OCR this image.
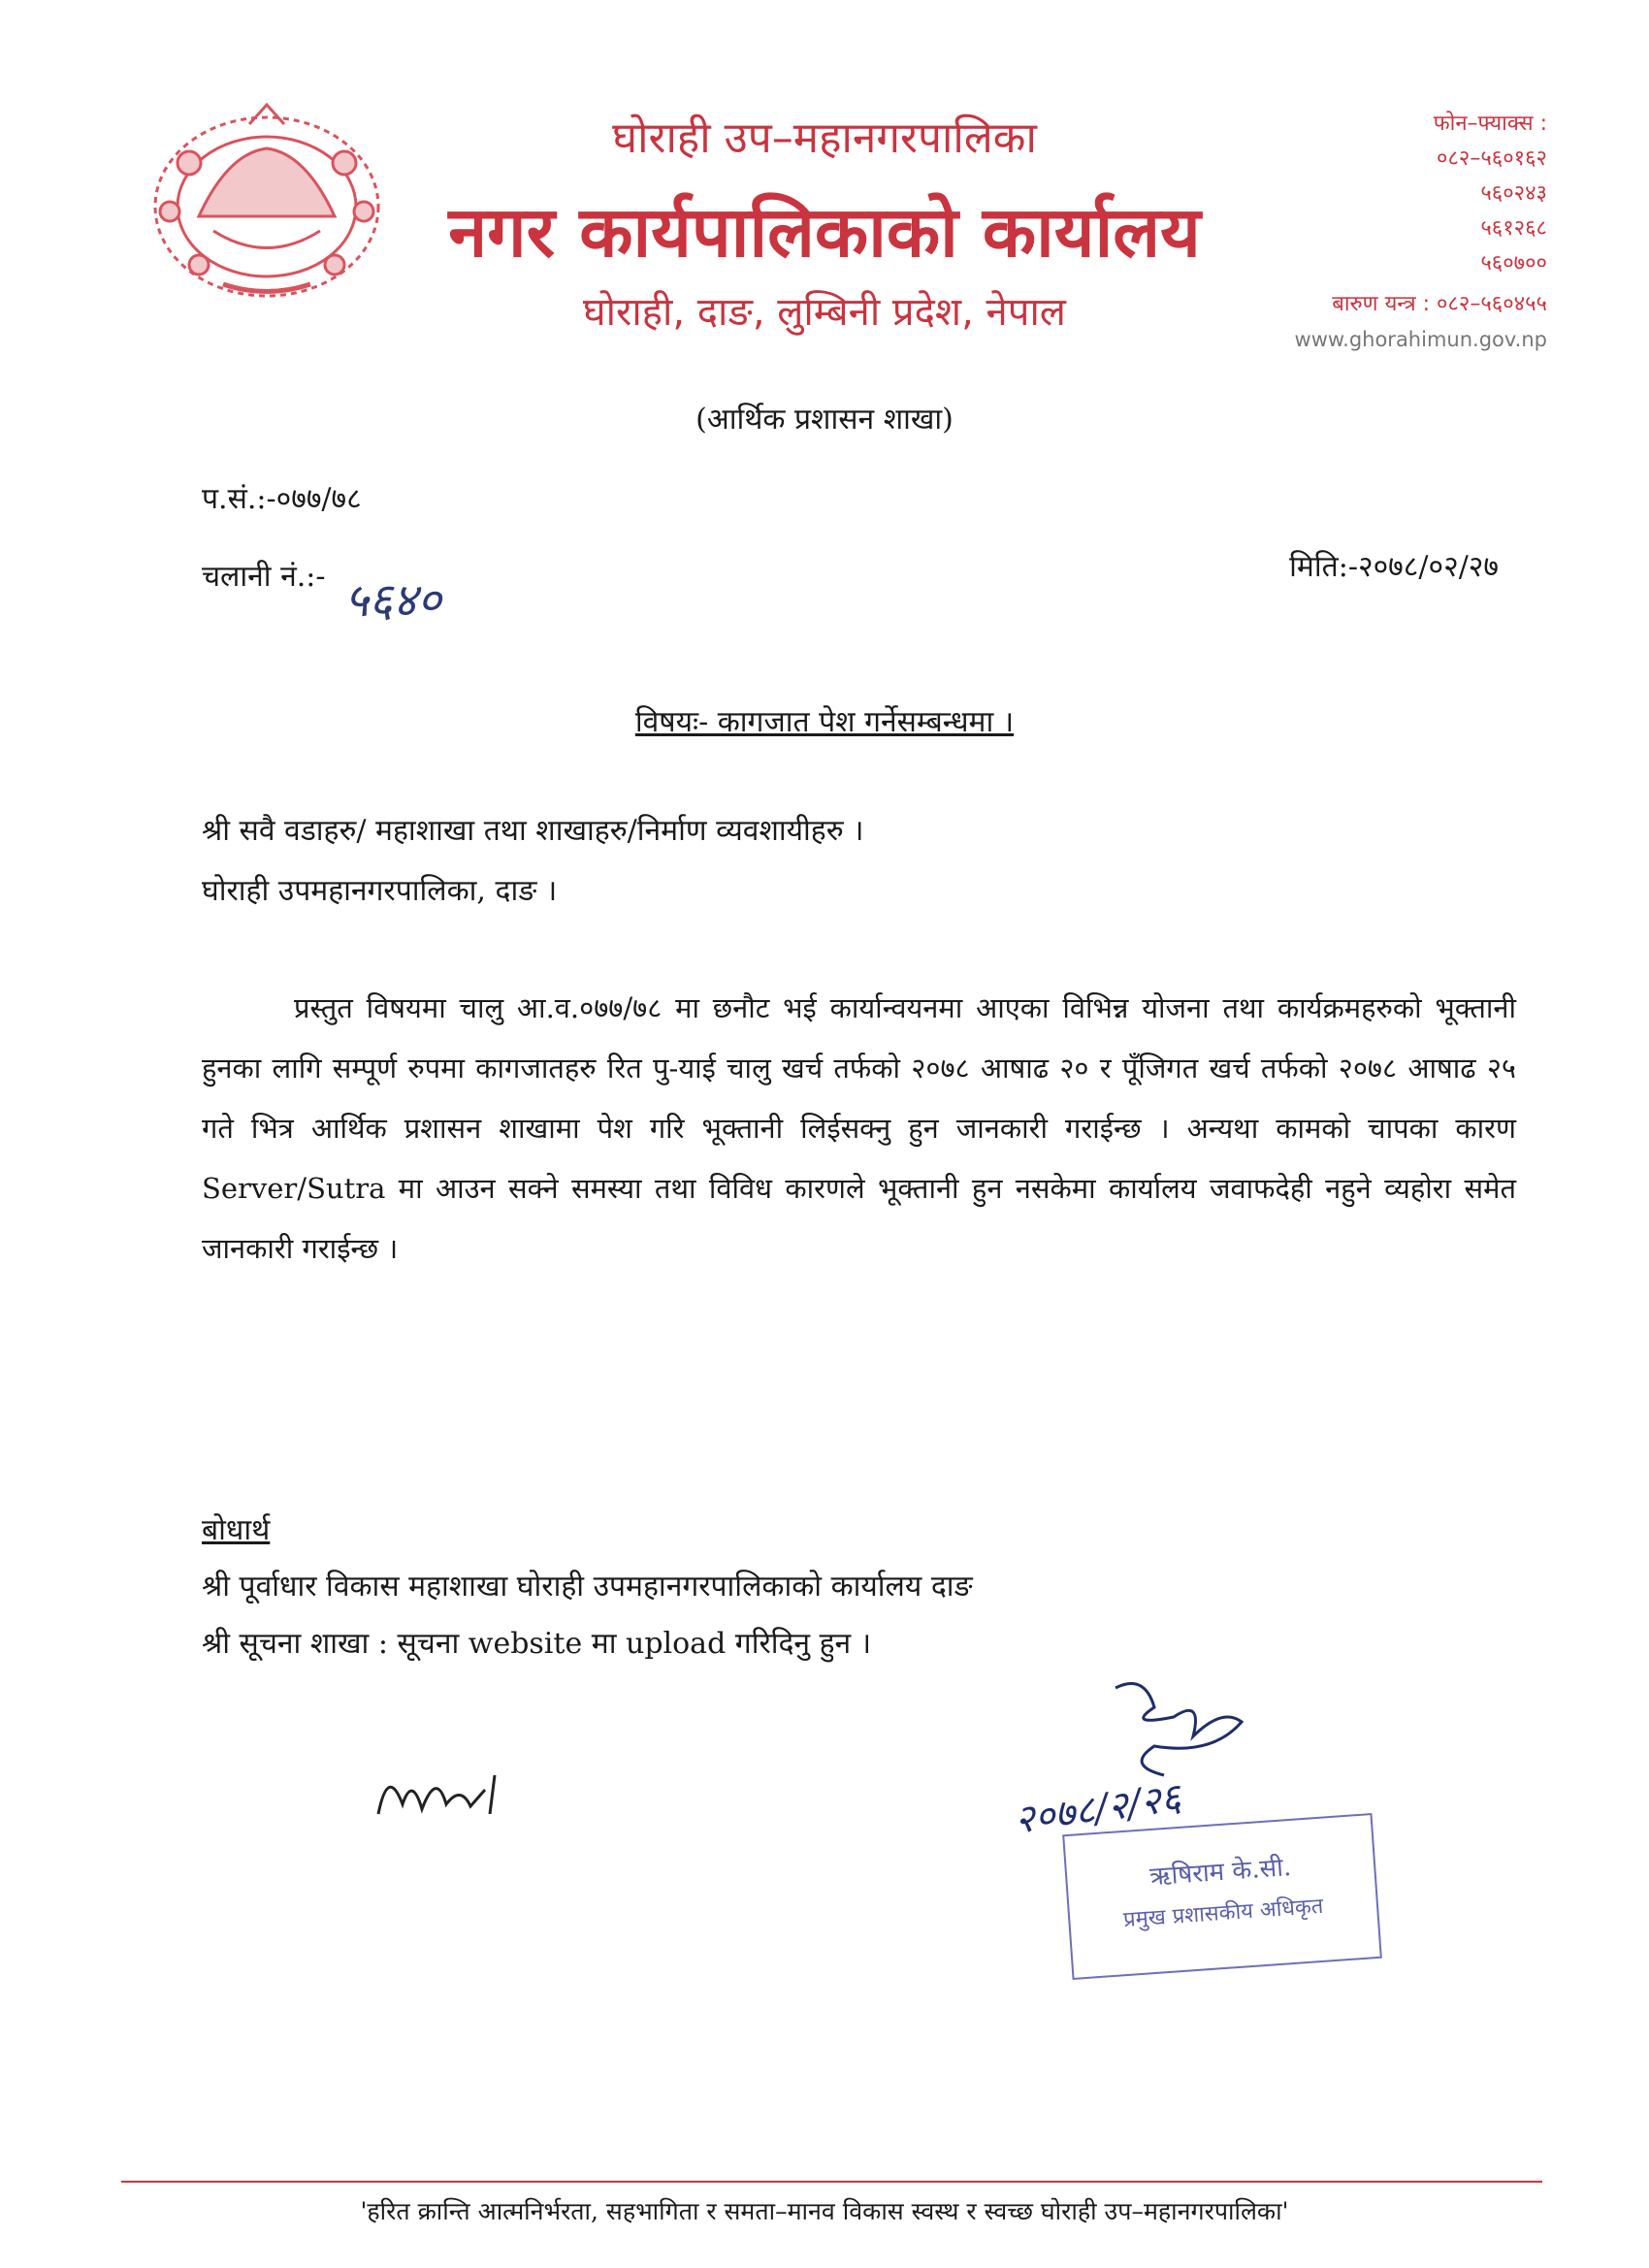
घोराही उप–महानगरपालिका
नगर कार्यपालिकाको कार्यालय
घोराही, दाङ, लुम्बिनी प्रदेश, नेपाल
फोन–फ्याक्स :
०८२–५६०१६२
५६०२४३
५६१२६८
५६०७००
बारुण यन्त्र : ०८२–५६०४५५
www.ghorahimun.gov.np
(आर्थिक प्रशासन शाखा)
प.सं.:-०७७/७८
चलानी नं.:- ५६४०
मिति:-२०७८/०२/२७
विषयः- कागजात पेश गर्नेसम्बन्धमा ।
श्री सवै वडाहरु/ महाशाखा तथा शाखाहरु/निर्माण व्यवशायीहरु ।
घोराही उपमहानगरपालिका, दाङ ।
प्रस्तुत विषयमा चालु आ.व.०७७/७८ मा छनौट भई कार्यान्वयनमा आएका विभिन्न योजना तथा कार्यक्रमहरुको भूक्तानी हुनका लागि सम्पूर्ण रुपमा कागजातहरु रित पु-याई चालु खर्च तर्फको २०७८ आषाढ २० र पूँजिगत खर्च तर्फको २०७८ आषाढ २५ गते भित्र आर्थिक प्रशासन शाखामा पेश गरि भूक्तानी लिईसक्नु हुन जानकारी गराईन्छ । अन्यथा कामको चापका कारण Server/Sutra मा आउन सक्ने समस्या तथा विविध कारणले भूक्तानी हुन नसकेमा कार्यालय जवाफदेही नहुने व्यहोरा समेत जानकारी गराईन्छ ।
बोधार्थ
श्री पूर्वाधार विकास महाशाखा घोराही उपमहानगरपालिकाको कार्यालय दाङ
श्री सूचना शाखा : सूचना website मा upload गरिदिनु हुन ।
२०७८/२/२६
ऋषिराम के.सी.
प्रमुख प्रशासकीय अधिकृत
'हरित क्रान्ति आत्मनिर्भरता, सहभागिता र समता–मानव विकास स्वस्थ र स्वच्छ घोराही उप–महानगरपालिका'
